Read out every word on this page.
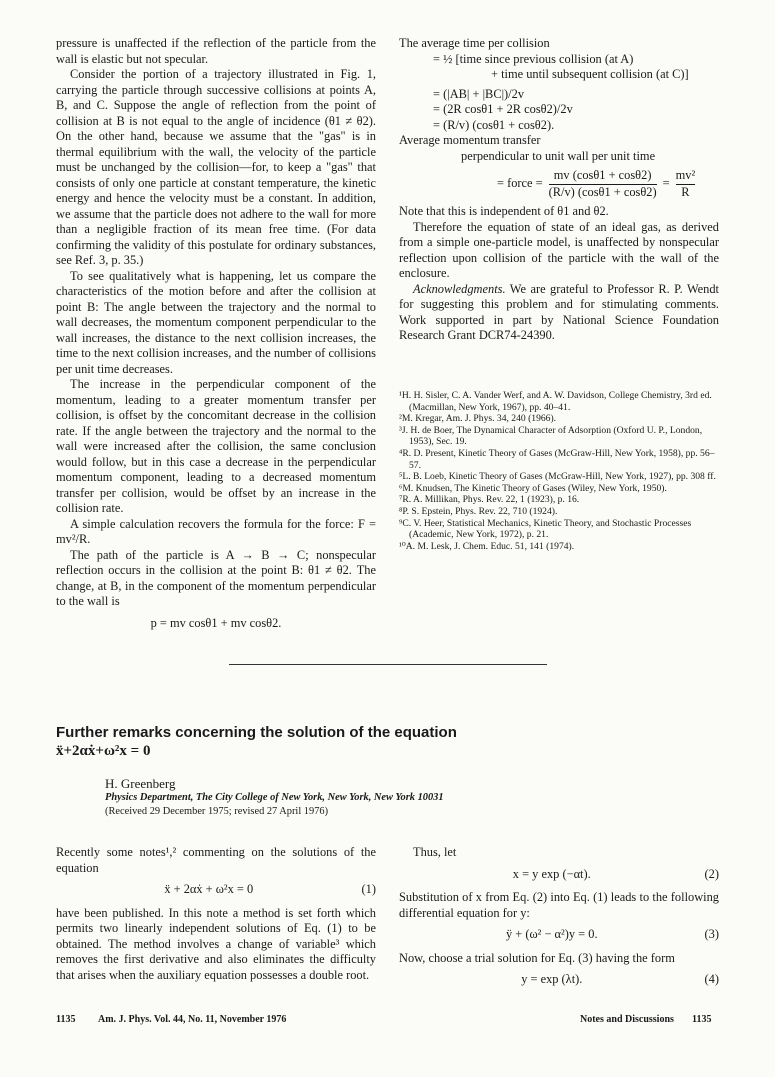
pressure is unaffected if the reflection of the particle from the wall is elastic but not specular.

Consider the portion of a trajectory illustrated in Fig. 1, carrying the particle through successive collisions at points A, B, and C. Suppose the angle of reflection from the point of collision at B is not equal to the angle of incidence (θ1 ≠ θ2). On the other hand, because we assume that the "gas" is in thermal equilibrium with the wall, the velocity of the particle must be unchanged by the collision—for, to keep a "gas" that consists of only one particle at constant temperature, the kinetic energy and hence the velocity must be a constant. In addition, we assume that the particle does not adhere to the wall for more than a negligible fraction of its mean free time. (For data confirming the validity of this postulate for ordinary substances, see Ref. 3, p. 35.)

To see qualitatively what is happening, let us compare the characteristics of the motion before and after the collision at point B: The angle between the trajectory and the normal to wall decreases, the momentum component perpendicular to the wall increases, the distance to the next collision increases, the time to the next collision increases, and the number of collisions per unit time decreases.

The increase in the perpendicular component of the momentum, leading to a greater momentum transfer per collision, is offset by the concomitant decrease in the collision rate. If the angle between the trajectory and the normal to the wall were increased after the collision, the same conclusion would follow, but in this case a decrease in the perpendicular momentum component, leading to a decreased momentum transfer per collision, would be offset by an increase in the collision rate.

A simple calculation recovers the formula for the force: F = mv²/R.

The path of the particle is A → B → C; nonspecular reflection occurs in the collision at the point B: θ1 ≠ θ2. The change, at B, in the component of the momentum perpendicular to the wall is

p = mv cosθ1 + mv cosθ2.

The average time per collision

= ½ [time since previous collision (at A)

+ time until subsequent collision (at C)]

= (|AB| + |BC|)/2v

= (2R cosθ1 + 2R cosθ2)/2v

= (R/v) (cosθ1 + cosθ2).

Average momentum transfer

perpendicular to unit wall per unit time

= force = $\frac{mv (\cos\theta 1 + \cos\theta 2)}{(R/v) (\cos\theta 1 + \cos\theta 2)} = \frac{\text{mv²}}{R}$

Note that this is independent of θ1 and θ2.

Therefore the equation of state of an ideal gas, as derived from a simple one-particle model, is unaffected by nonspecular reflection upon collision of the particle with the wall of the enclosure.

Acknowledgments. We are grateful to Professor R. P. Wendt for suggesting this problem and for stimulating comments. Work supported in part by National Science Foundation Research Grant DCR74-24390.

¹H. H. Sisler, C. A. Vander Werf, and A. W. Davidson, College Chemistry, 3rd ed. (Macmillan, New York, 1967), pp. 40–41.
²M. Kregar, Am. J. Phys. 34, 240 (1966).
³J. H. de Boer, The Dynamical Character of Adsorption (Oxford U. P., London, 1953), Sec. 19.
⁴R. D. Present, Kinetic Theory of Gases (McGraw-Hill, New York, 1958), pp. 56–57.
⁵L. B. Loeb, Kinetic Theory of Gases (McGraw-Hill, New York, 1927), pp. 308 ff.
⁶M. Knudsen, The Kinetic Theory of Gases (Wiley, New York, 1950).
⁷R. A. Millikan, Phys. Rev. 22, 1 (1923), p. 16.
⁸P. S. Epstein, Phys. Rev. 22, 710 (1924).
⁹C. V. Heer, Statistical Mechanics, Kinetic Theory, and Stochastic Processes (Academic, New York, 1972), p. 21.
¹⁰A. M. Lesk, J. Chem. Educ. 51, 141 (1974).
Further remarks concerning the solution of the equation
ẍ+2αẋ+ω²x = 0
H. Greenberg
Physics Department, The City College of New York, New York, New York 10031
(Received 29 December 1975; revised 27 April 1976)

Recently some notes¹,² commenting on the solutions of the equation

ẍ + 2αẋ + ω²x = 0	(1)

have been published. In this note a method is set forth which permits two linearly independent solutions of Eq. (1) to be obtained. The method involves a change of variable³ which removes the first derivative and also eliminates the difficulty that arises when the auxiliary equation possesses a double root.

Thus, let

x = y exp (−αt).	(2)

Substitution of x from Eq. (2) into Eq. (1) leads to the following differential equation for y:

ÿ + (ω² − α²)y = 0.	(3)

Now, choose a trial solution for Eq. (3) having the form

y = exp (λt).	(4)
1135 Am. J. Phys. Vol. 44, No. 11, November 1976	Notes and Discussions 1135
